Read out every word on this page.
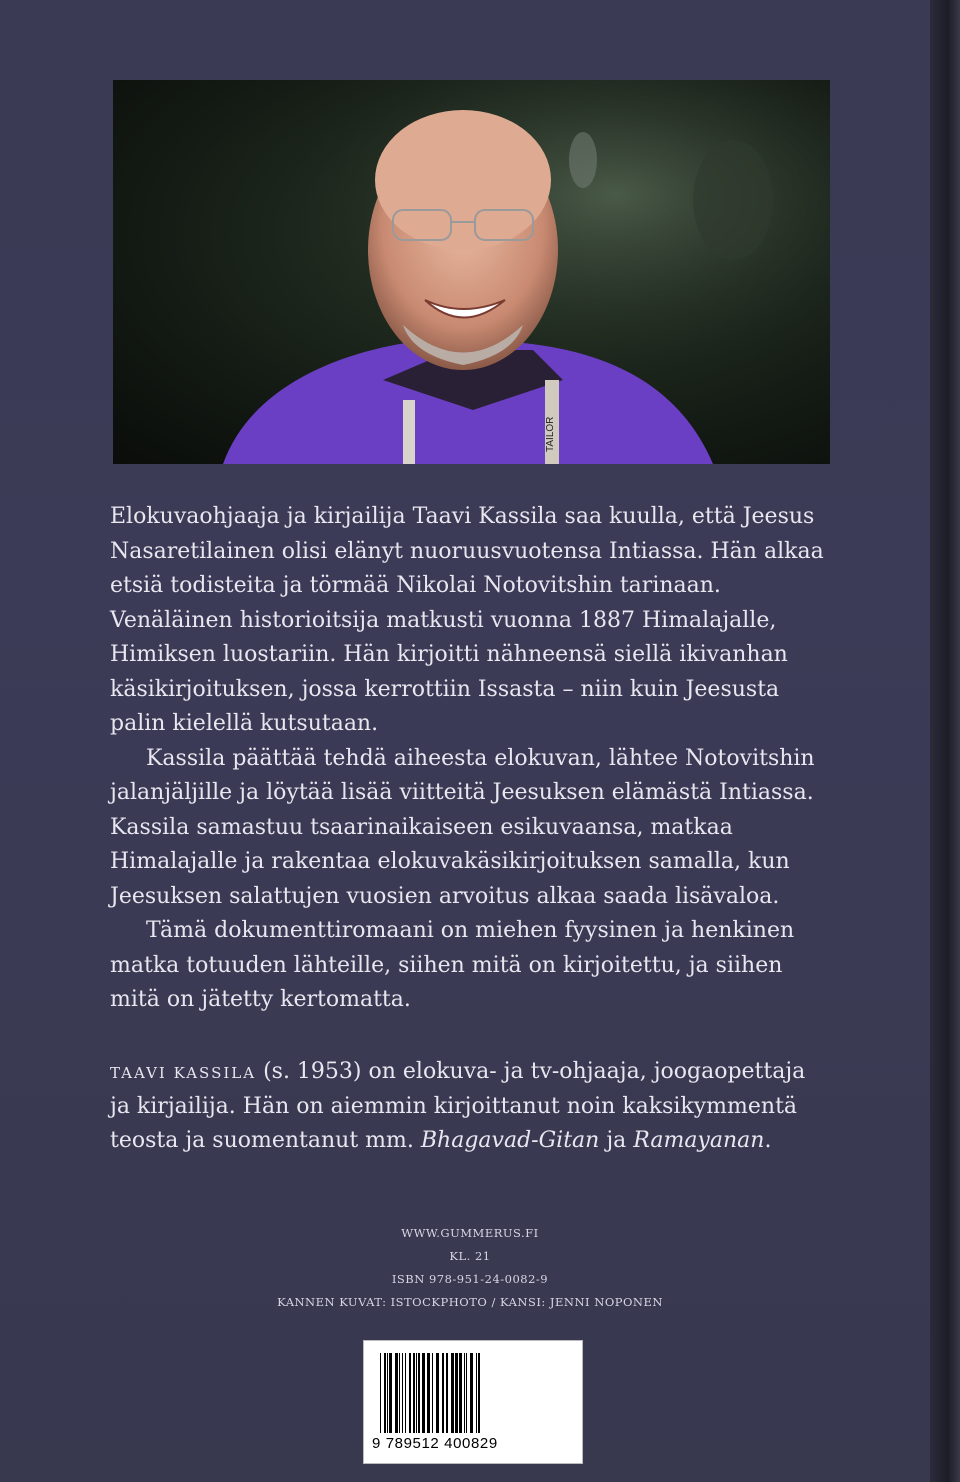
TAILOR

Elokuvaohjaaja ja kirjailija Taavi Kassila saa kuulla, että Jeesus Nasaretilainen olisi elänyt nuoruusvuotensa Intiassa. Hän alkaa etsiä todisteita ja törmää Nikolai Notovitshin tarinaan. Venäläinen historioitsija matkusti vuonna 1887 Himalajalle, Himiksen luostariin. Hän kirjoitti nähneensä siellä ikivanhan käsikirjoituksen, jossa kerrottiin Issasta – niin kuin Jeesusta palin kielellä kutsutaan.

Kassila päättää tehdä aiheesta elokuvan, lähtee Notovitshin jalanjäljille ja löytää lisää viitteitä Jeesuksen elämästä Intiassa. Kassila samastuu tsaarinaikaiseen esikuvaansa, matkaa Himalajalle ja rakentaa elokuvakäsikirjoituksen samalla, kun Jeesuksen salattujen vuosien arvoitus alkaa saada lisävaloa.

Tämä dokumenttiromaani on miehen fyysinen ja henkinen matka totuuden lähteille, siihen mitä on kirjoitettu, ja siihen mitä on jätetty kertomatta.

TAAVI KASSILA (s. 1953) on elokuva- ja tv-ohjaaja, joogaopettaja ja kirjailija. Hän on aiemmin kirjoittanut noin kaksikymmentä teosta ja suomentanut mm. Bhagavad-Gitan ja Ramayanan.
WWW.GUMMERUS.FI
KL. 21
ISBN 978-951-24-0082-9
KANNEN KUVAT: ISTOCKPHOTO / KANSI: JENNI NOPONEN
9 789512 400829
